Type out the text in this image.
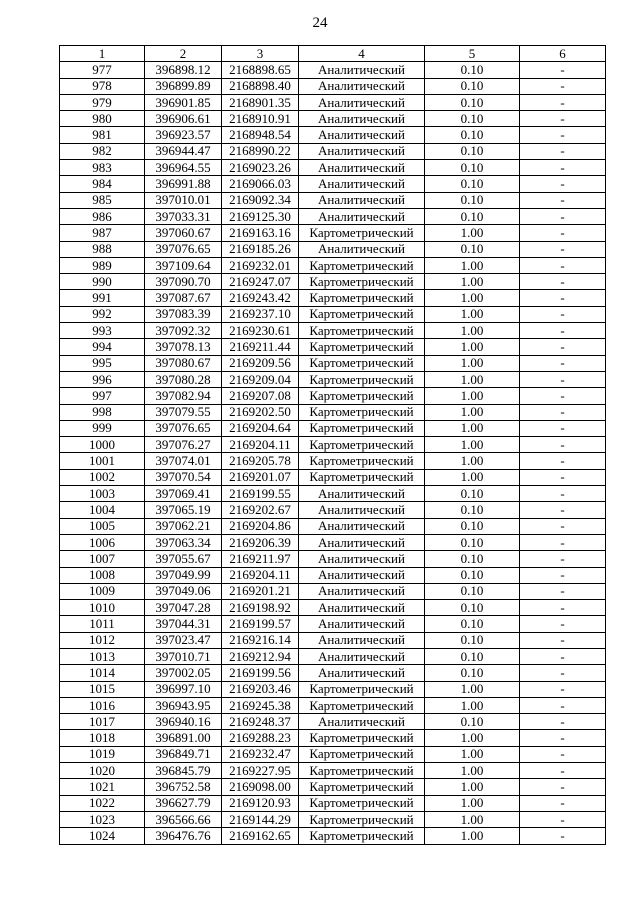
24
1	2	3	4	5	6
977	396898.12	2168898.65	Аналитический	0.10	-
978	396899.89	2168898.40	Аналитический	0.10	-
979	396901.85	2168901.35	Аналитический	0.10	-
980	396906.61	2168910.91	Аналитический	0.10	-
981	396923.57	2168948.54	Аналитический	0.10	-
982	396944.47	2168990.22	Аналитический	0.10	-
983	396964.55	2169023.26	Аналитический	0.10	-
984	396991.88	2169066.03	Аналитический	0.10	-
985	397010.01	2169092.34	Аналитический	0.10	-
986	397033.31	2169125.30	Аналитический	0.10	-
987	397060.67	2169163.16	Картометрический	1.00	-
988	397076.65	2169185.26	Аналитический	0.10	-
989	397109.64	2169232.01	Картометрический	1.00	-
990	397090.70	2169247.07	Картометрический	1.00	-
991	397087.67	2169243.42	Картометрический	1.00	-
992	397083.39	2169237.10	Картометрический	1.00	-
993	397092.32	2169230.61	Картометрический	1.00	-
994	397078.13	2169211.44	Картометрический	1.00	-
995	397080.67	2169209.56	Картометрический	1.00	-
996	397080.28	2169209.04	Картометрический	1.00	-
997	397082.94	2169207.08	Картометрический	1.00	-
998	397079.55	2169202.50	Картометрический	1.00	-
999	397076.65	2169204.64	Картометрический	1.00	-
1000	397076.27	2169204.11	Картометрический	1.00	-
1001	397074.01	2169205.78	Картометрический	1.00	-
1002	397070.54	2169201.07	Картометрический	1.00	-
1003	397069.41	2169199.55	Аналитический	0.10	-
1004	397065.19	2169202.67	Аналитический	0.10	-
1005	397062.21	2169204.86	Аналитический	0.10	-
1006	397063.34	2169206.39	Аналитический	0.10	-
1007	397055.67	2169211.97	Аналитический	0.10	-
1008	397049.99	2169204.11	Аналитический	0.10	-
1009	397049.06	2169201.21	Аналитический	0.10	-
1010	397047.28	2169198.92	Аналитический	0.10	-
1011	397044.31	2169199.57	Аналитический	0.10	-
1012	397023.47	2169216.14	Аналитический	0.10	-
1013	397010.71	2169212.94	Аналитический	0.10	-
1014	397002.05	2169199.56	Аналитический	0.10	-
1015	396997.10	2169203.46	Картометрический	1.00	-
1016	396943.95	2169245.38	Картометрический	1.00	-
1017	396940.16	2169248.37	Аналитический	0.10	-
1018	396891.00	2169288.23	Картометрический	1.00	-
1019	396849.71	2169232.47	Картометрический	1.00	-
1020	396845.79	2169227.95	Картометрический	1.00	-
1021	396752.58	2169098.00	Картометрический	1.00	-
1022	396627.79	2169120.93	Картометрический	1.00	-
1023	396566.66	2169144.29	Картометрический	1.00	-
1024	396476.76	2169162.65	Картометрический	1.00	-
